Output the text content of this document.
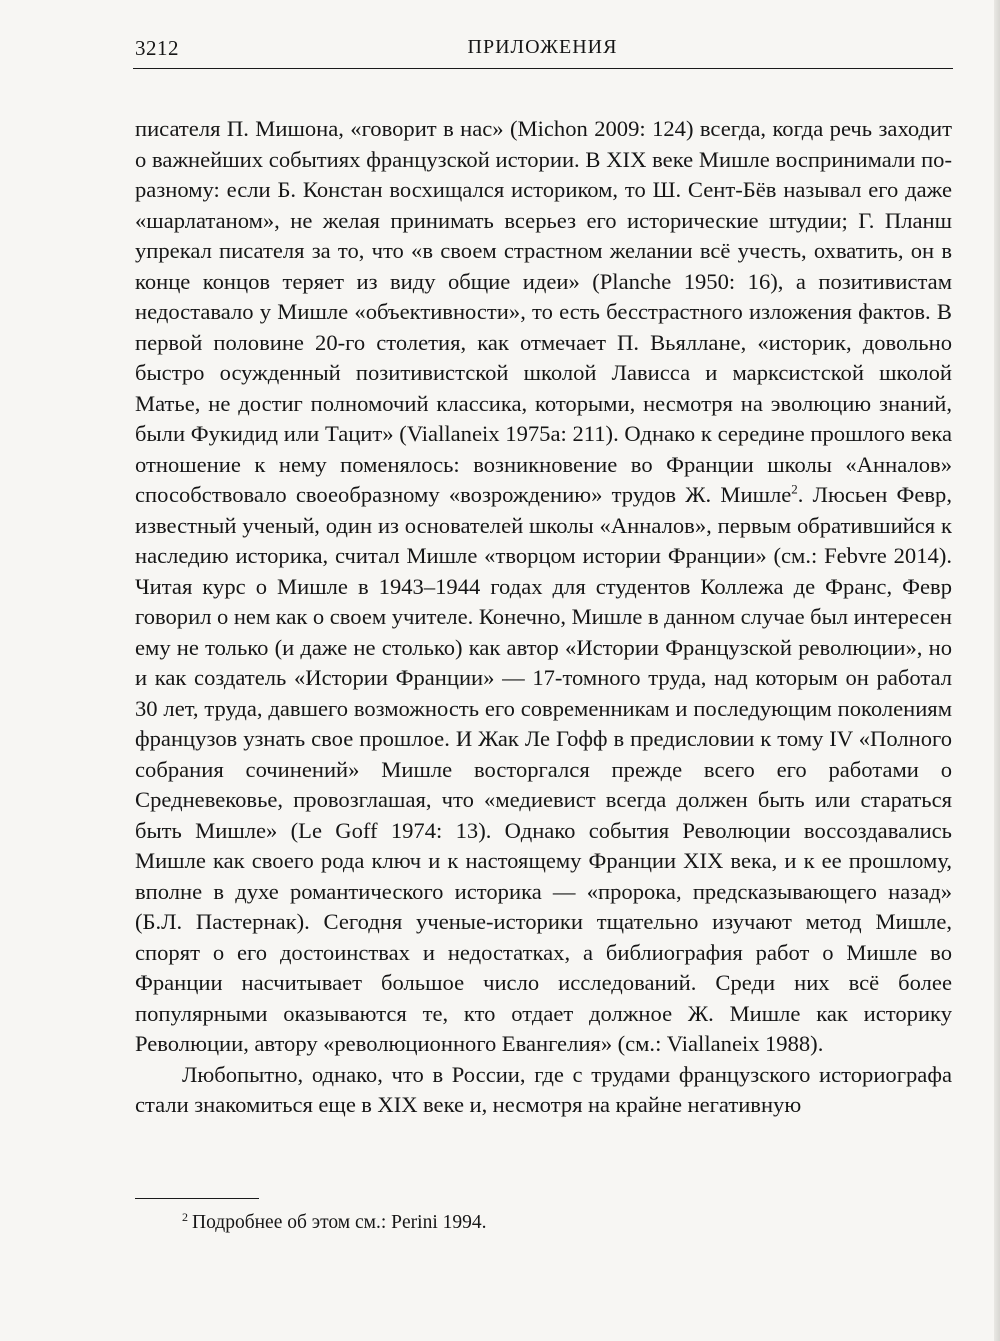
3212	ПРИЛОЖЕНИЯ

писателя П. Мишона, «говорит в нас» (Michon 2009: 124) всегда, когда речь заходит о важнейших событиях французской истории. В XIX веке Мишле воспринимали по-разному: если Б. Констан восхищался историком, то Ш. Сент-Бёв называл его даже «шарлатаном», не желая принимать всерьез его исторические штудии; Г. Планш упрекал писателя за то, что «в своем страстном желании всё учесть, охватить, он в конце концов теряет из виду общие идеи» (Planche 1950: 16), а позитивистам недоставало у Мишле «объективности», то есть бесстрастного изложения фактов. В первой половине 20-го столетия, как отмечает П. Вьяллане, «историк, довольно быстро осужденный позитивистской школой Лависса и марксистской школой Матье, не достиг полномочий классика, которыми, несмотря на эволюцию знаний, были Фукидид или Тацит» (Viallaneix 1975a: 211). Однако к середине прошлого века отношение к нему поменялось: возникновение во Франции школы «Анналов» способствовало своеобразному «возрождению» трудов Ж. Мишле$^2$. Люсьен Февр, известный ученый, один из основателей школы «Анналов», первым обратившийся к наследию историка, считал Мишле «творцом истории Франции» (см.: Febvre 2014). Читая курс о Мишле в 1943–1944 годах для студентов Коллежа де Франс, Февр говорил о нем как о своем учителе. Конечно, Мишле в данном случае был интересен ему не только (и даже не столько) как автор «Истории Французской революции», но и как создатель «Истории Франции» — 17-томного труда, над которым он работал 30 лет, труда, давшего возможность его современникам и последующим поколениям французов узнать свое прошлое. И Жак Ле Гофф в предисловии к тому IV «Полного собрания сочинений» Мишле восторгался прежде всего его работами о Средневековье, провозглашая, что «медиевист всегда должен быть или стараться быть Мишле» (Le Goff 1974: 13). Однако события Революции воссоздавались Мишле как своего рода ключ и к настоящему Франции XIX века, и к ее прошлому, вполне в духе романтического историка — «пророка, предсказывающего назад» (Б.Л. Пастернак). Сегодня ученые-историки тщательно изучают метод Мишле, спорят о его достоинствах и недостатках, а библиография работ о Мишле во Франции насчитывает большое число исследований. Среди них всё более популярными оказываются те, кто отдает должное Ж. Мишле как историку Революции, автору «революционного Евангелия» (см.: Viallaneix 1988).

Любопытно, однако, что в России, где с трудами французского историографа стали знакомиться еще в XIX веке и, несмотря на крайне негативную

$^2$ Подробнее об этом см.: Perini 1994.
